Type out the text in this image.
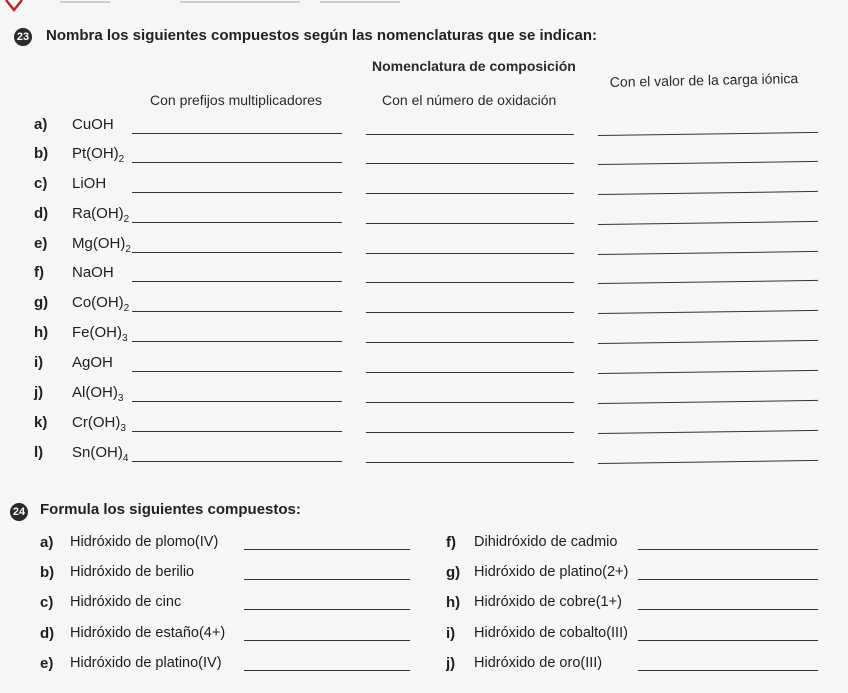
23 Nombra los siguientes compuestos según las nomenclaturas que se indican:
Nomenclatura de composición
Con prefijos multiplicadores	Con el número de oxidación
Con el valor de la carga iónica
a) CuOH
b) $Pt(OH)_2$
c) LiOH
d) $Ra(OH)_2$
e) $Mg(OH)_2$
f) NaOH
g) $Co(OH)_2$
h) $Fe(OH)_3$
i) AgOH
j) $Al(OH)_3$
k) $Cr(OH)_3$
l) $Sn(OH)_4$
24 Formula los siguientes compuestos:
a) Hidróxido de plomo(IV)
b) Hidróxido de berilio
c) Hidróxido de cinc
d) Hidróxido de estaño(4+)
e) Hidróxido de platino(IV)
f) Dihidróxido de cadmio
g) Hidróxido de platino(2+)
h) Hidróxido de cobre(1+)
i) Hidróxido de cobalto(III)
j) Hidróxido de oro(III)
